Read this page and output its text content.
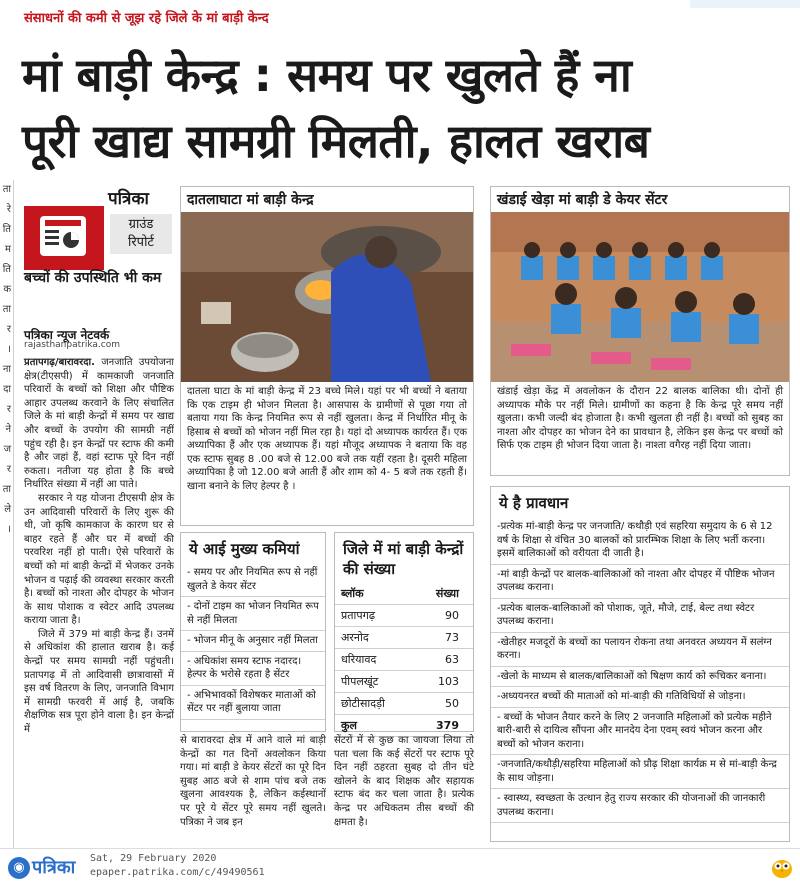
संसाधनों की कमी से जूझ रहे जिले के मां बाड़ी केन्द
मां बाड़ी केन्द्र : समय पर खुलते हैं ना
पूरी खाद्य सामग्री मिलती, हालत खराब
ता
रे
ति
म
ति
क
ता
र
।
ना
दा
र
ने
ज
र
ता
ले
।
पत्रिका
ग्राउंड
रिपोर्ट
बच्चों की उपस्थिति भी कम
पत्रिका न्यूज नेटवर्क
rajasthanpatrika.com

प्रतापगढ़/बारावरदा. जनजाति उपयोजना क्षेत्र(टीएसपी) में कामकाजी जनजाति परिवारों के बच्चों को शिक्षा और पौष्टिक आहार उपलब्ध करवाने के लिए संचालित जिले के मां बाड़ी केन्द्रों में समय पर खाद्य और बच्चों के उपयोग की सामग्री नहीं पहुंच रही है। इन केन्द्रों पर स्टाफ की कमी है और जहां हैं, वहां स्टाफ पूरे दिन नहीं रुकता। नतीजा यह होता है कि बच्चे निर्धारित संख्या में नहीं आ पाते।

सरकार ने यह योजना टीएसपी क्षेत्र के उन आदिवासी परिवारों के लिए शुरू की थी, जो कृषि कामकाज के कारण घर से बाहर रहते हैं और घर में बच्चों की परवरिश नहीं हो पाती। ऐसे परिवारों के बच्चों को मां बाड़ी केन्द्रों में भेजकर उनके भोजन व पढ़ाई की व्यवस्था सरकार करती है। बच्चों को नाश्ता और दोपहर के भोजन के साथ पोशाक व स्वेटर आदि उपलब्ध कराया जाता है।

जिले में 379 मां बाड़ी केन्द्र हैं। उनमें से अधिकांश की हालात खराब है। कई केन्द्रों पर समय सामग्री नहीं पहुंचती। प्रतापगढ़ में तो आदिवासी छात्रावासों में इस वर्ष वितरण के लिए, जनजाति विभाग में सामग्री फरवरी में आई है, जबकि शैक्षणिक सत्र पूरा होने वाला है। इन केन्द्रों में

दातलाघाटा मां बाड़ी केन्द्र
दातला घाटा के मां बाड़ी केन्द्र में 23 बच्चे मिले। यहां पर भी बच्चों ने बताया कि एक टाइम ही भोजन मिलता है। आसपास के ग्रामीणों से पूछा गया तो बताया गया कि केन्द्र नियमित रूप से नहीं खुलता। केन्द्र में निर्धारित मीनू के हिसाब से बच्चों को भोजन नहीं मिल रहा है। यहां दो अध्यापक कार्यरत हैं। एक अध्यापिका हैं और एक अध्यापक हैं। यहां मौजूद अध्यापक ने बताया कि वह एक स्टाफ सुबह 8 .00 बजे से 12.00 बजे तक यहीं रहता है। दूसरी महिला अध्यापिका है जो 12.00 बजे आती हैं और शाम को 4- 5 बजे तक रहती हैं। खाना बनाने के लिए हेल्पर है ।
खंडाई खेड़ा मां बाड़ी डे केयर सेंटर
खंडाई खेड़ा केंद्र में अवलोकन के दौरान 22 बालक बालिका थी। दोनों ही अध्यापक मौके पर नहीं मिले। ग्रामीणों का कहना है कि केन्द्र पूरे समय नहीं खुलता। कभी जल्दी बंद होजाता है। कभी खुलता ही नहीं है। बच्चों को सुबह का नाश्ता और दोपहर का भोजन देने का प्रावधान है, लेकिन इस केन्द्र पर बच्चों को सिर्फ एक टाइम ही भोजन दिया जाता है। नाश्ता वगैरह नहीं दिया जाता।
ये आई मुख्य कमियां
- समय पर और नियमित रूप से नहीं खुलते डे केयर सेंटर
- दोनों टाइम का भोजन नियमित रूप से नहीं मिलता
- भोजन मीनू के अनुसार नहीं मिलता
- अधिकांश समय स्टाफ नदारद। हेल्पर के भरोसे रहता है सेंटर
- अभिभावकों विशेषकर माताओं को सेंटर पर नहीं बुलाया जाता
जिले में मां बाड़ी केन्द्रों की संख्या
ब्लॉक	संख्या
प्रतापगढ़	90
अरनोद	73
धरियावद	63
पीपलखूंट	103
छोटीसादड़ी	50
कुल	379
से बारावरदा क्षेत्र में आने वाले मां बाड़ी केन्द्रों का गत दिनों अवलोकन किया गया। मां बाड़ी डे केयर सेंटरों का पूरे दिन सुबह आठ बजे से शाम पांच बजे तक खुलना आवश्यक है, लेकिन कईस्थानों पर पूरे ये सेंटर पूरे समय नहीं खुलते। पत्रिका ने जब इन
सेंटरों में से कुछ का जायजा लिया तो पता चला कि कई सेंटरों पर स्टाफ पूरे दिन नहीं ठहरता सुबह दो तीन घंटे खोलने के बाद शिक्षक और सहायक स्टाफ बंद कर चला जाता है। प्रत्येक केन्द्र पर अधिकतम तीस बच्चों की क्षमता है।
ये है प्रावधान
-प्रत्येक मां-बाड़ी केन्द्र पर जनजाति/ कथौड़ी एवं सहरिया समुदाय के 6 से 12 वर्ष के शिक्षा से वंचित 30 बालकों को प्रारम्भिक शिक्षा के लिए भर्ती करना। इसमें बालिकाओं को वरीयता दी जाती है।
-मां बाड़ी केन्द्रों पर बालक-बालिकाओं को नाश्ता और दोपहर में पौष्टिक भोजन उपलब्ध कराना।
-प्रत्येक बालक-बालिकाओं को पोशाक, जूते, मौजे, टाई, बेल्ट तथा स्वेटर उपलब्ध कराना।
-खेतीहर मजदूरों के बच्चों का पलायन रोकना तथा अनवरत अध्ययन में सलंग्न करना।
-खेलो के माध्यम से बालक/बालिकाओं को षिक्षण कार्य को रूचिकर बनाना।
-अध्ययनरत बच्चों की माताओं को मां-बाड़ी की गतिविधियों से जोड़ना।
- बच्चों के भोजन तैयार करने के लिए 2 जनजाति महिलाओं को प्रत्येक महीने बारी-बारी से दायित्व सौंपना और मानदेय देना एवम् स्वयं भोजन करना और बच्चों को भोजन कराना।
-जनजाति/कथौड़ी/सहरिया महिलाओं को प्रौढ़ शिक्षा कार्यक्र म से मां-बाड़ी केन्द्र के साथ जोड़ना।
- स्वास्थ्य, स्वच्छता के उत्थान हेतु राज्य सरकार की योजनाओं की जानकारी उपलब्ध कराना।
◉ पत्रिका Sat, 29 February 2020
epaper.patrika.com/c/49490561
